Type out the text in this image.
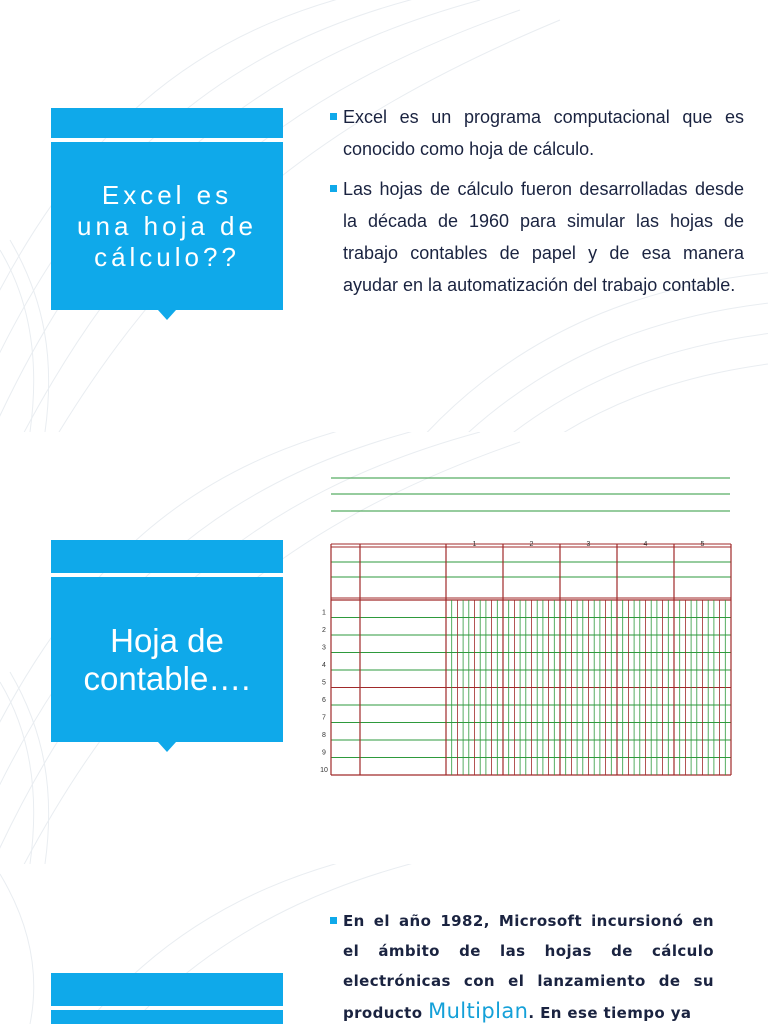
Excel es una hoja de cálculo??
Excel es un programa computacional que es conocido como hoja de cálculo.
Las hojas de cálculo fueron desarrolladas desde la década de 1960 para simular las hojas de trabajo contables de papel y de esa manera ayudar en la automatización del trabajo contable.
Hoja de contable….
1	2	3	4	5
1
2
3
4
5
6
7
8
9
10
En el año 1982, Microsoft incursionó en el ámbito de las hojas de cálculo electrónicas con el lanzamiento de su producto Multiplan. En ese tiempo ya
